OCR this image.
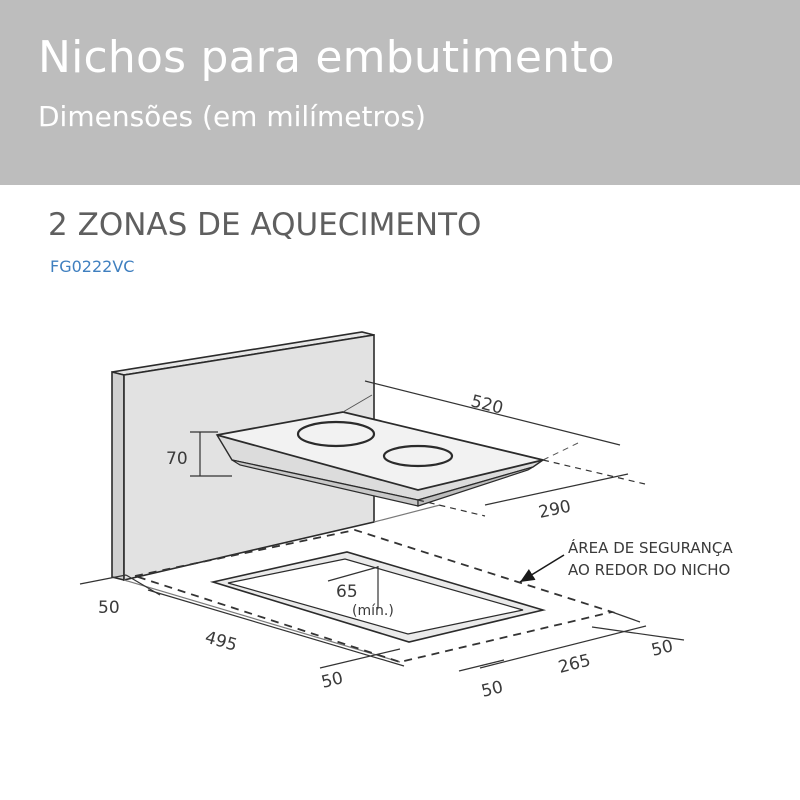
Nichos para embutimento
Dimensões (em milímetros)
2 ZONAS DE AQUECIMENTO
FG0222VC
520
70
290
ÁREA DE SEGURANÇA
AO REDOR DO NICHO
65
(mín.)
50
495
50	50
265
50
